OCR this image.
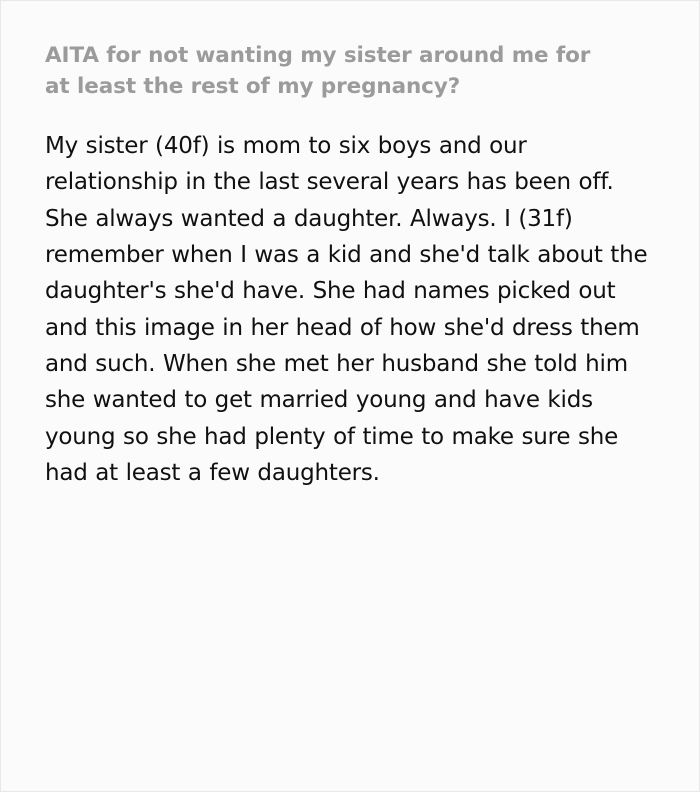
AITA for not wanting my sister around me for at least the rest of my pregnancy?

My sister (40f) is mom to six boys and our relationship in the last several years has been off. She always wanted a daughter. Always. I (31f) remember when I was a kid and she'd talk about the daughter's she'd have. She had names picked out and this image in her head of how she'd dress them and such. When she met her husband she told him she wanted to get married young and have kids young so she had plenty of time to make sure she had at least a few daughters.
